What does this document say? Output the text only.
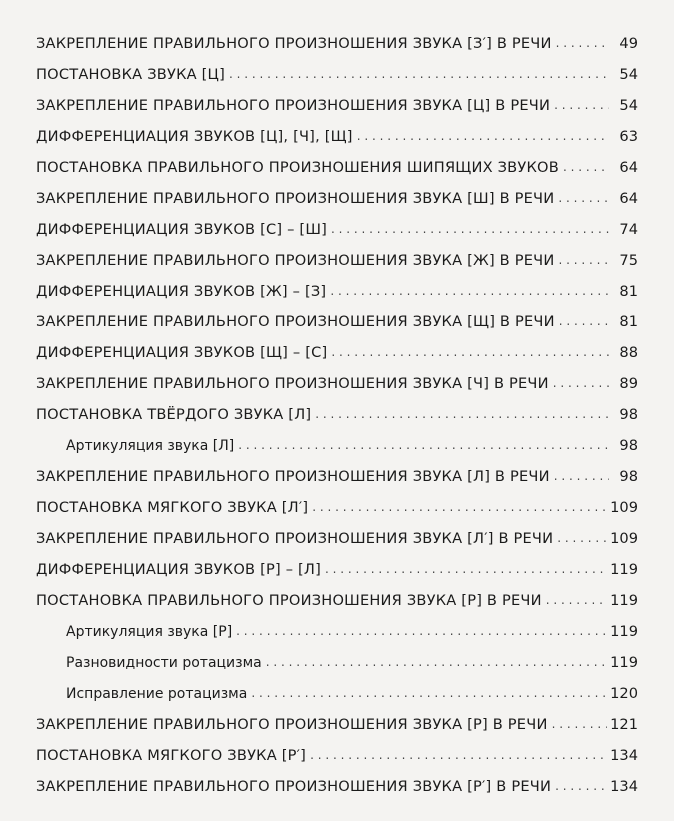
ЗАКРЕПЛЕНИЕ ПРАВИЛЬНОГО ПРОИЗНОШЕНИЯ ЗВУКА [З′] В РЕЧИ . . .	49
ПОСТАНОВКА ЗВУКА [Ц] . . .	54
ЗАКРЕПЛЕНИЕ ПРАВИЛЬНОГО ПРОИЗНОШЕНИЯ ЗВУКА [Ц] В РЕЧИ . . .	54
ДИФФЕРЕНЦИАЦИЯ ЗВУКОВ [Ц], [Ч], [Щ] . . .	63
ПОСТАНОВКА ПРАВИЛЬНОГО ПРОИЗНОШЕНИЯ ШИПЯЩИХ ЗВУКОВ . . .	64
ЗАКРЕПЛЕНИЕ ПРАВИЛЬНОГО ПРОИЗНОШЕНИЯ ЗВУКА [Ш] В РЕЧИ . . .	64
ДИФФЕРЕНЦИАЦИЯ ЗВУКОВ [С] – [Ш] . . .	74
ЗАКРЕПЛЕНИЕ ПРАВИЛЬНОГО ПРОИЗНОШЕНИЯ ЗВУКА [Ж] В РЕЧИ . . .	75
ДИФФЕРЕНЦИАЦИЯ ЗВУКОВ [Ж] – [З] . . .	81
ЗАКРЕПЛЕНИЕ ПРАВИЛЬНОГО ПРОИЗНОШЕНИЯ ЗВУКА [Щ] В РЕЧИ . . .	81
ДИФФЕРЕНЦИАЦИЯ ЗВУКОВ [Щ] – [С] . . .	88
ЗАКРЕПЛЕНИЕ ПРАВИЛЬНОГО ПРОИЗНОШЕНИЯ ЗВУКА [Ч] В РЕЧИ . . .	89
ПОСТАНОВКА ТВЁРДОГО ЗВУКА [Л] . . .	98
Артикуляция звука [Л] . . .	98
ЗАКРЕПЛЕНИЕ ПРАВИЛЬНОГО ПРОИЗНОШЕНИЯ ЗВУКА [Л] В РЕЧИ . . .	98
ПОСТАНОВКА МЯГКОГО ЗВУКА [Л′] . . .	109
ЗАКРЕПЛЕНИЕ ПРАВИЛЬНОГО ПРОИЗНОШЕНИЯ ЗВУКА [Л′] В РЕЧИ . . .	109
ДИФФЕРЕНЦИАЦИЯ ЗВУКОВ [Р] – [Л] . . .	119
ПОСТАНОВКА ПРАВИЛЬНОГО ПРОИЗНОШЕНИЯ ЗВУКА [Р] В РЕЧИ . . .	119
Артикуляция звука [Р] . . .	119
Разновидности ротацизма . . .	119
Исправление ротацизма . . .	120
ЗАКРЕПЛЕНИЕ ПРАВИЛЬНОГО ПРОИЗНОШЕНИЯ ЗВУКА [Р] В РЕЧИ . . .	121
ПОСТАНОВКА МЯГКОГО ЗВУКА [Р′] . . .	134
ЗАКРЕПЛЕНИЕ ПРАВИЛЬНОГО ПРОИЗНОШЕНИЯ ЗВУКА [Р′] В РЕЧИ . . .	134
